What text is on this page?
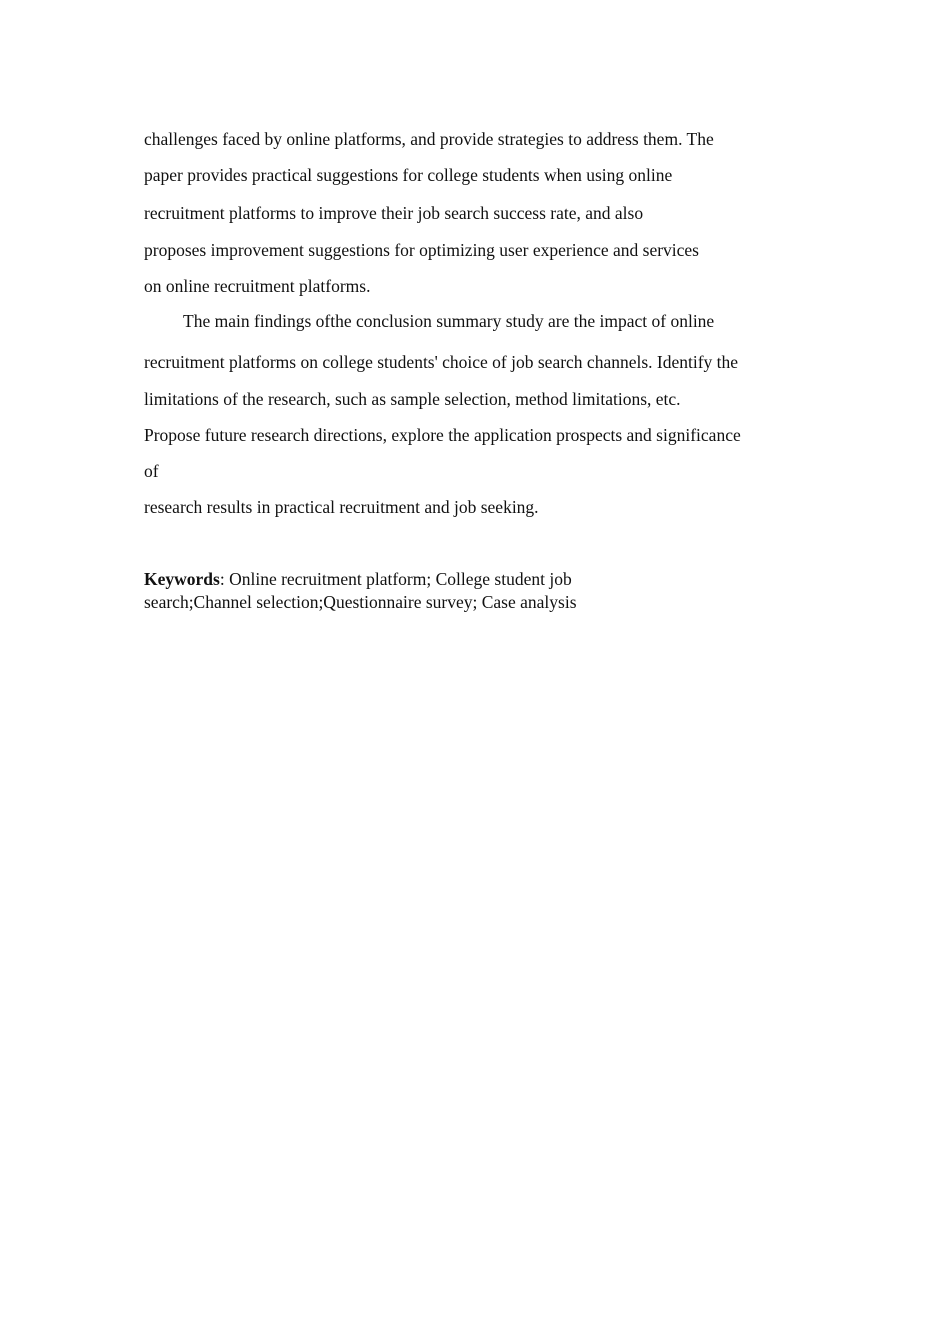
challenges faced by online platforms, and provide strategies to address them. The
paper provides practical suggestions for college students when using online
recruitment platforms to improve their job search success rate, and also
proposes improvement suggestions for optimizing user experience and services
on online recruitment platforms.
The main findings ofthe conclusion summary study are the impact of online
recruitment platforms on college students' choice of job search channels. Identify the
limitations of the research, such as sample selection, method limitations, etc.
Propose future research directions, explore the application prospects and significance
of
research results in practical recruitment and job seeking.
Keywords: Online recruitment platform; College student job
search;Channel selection;Questionnaire survey; Case analysis
